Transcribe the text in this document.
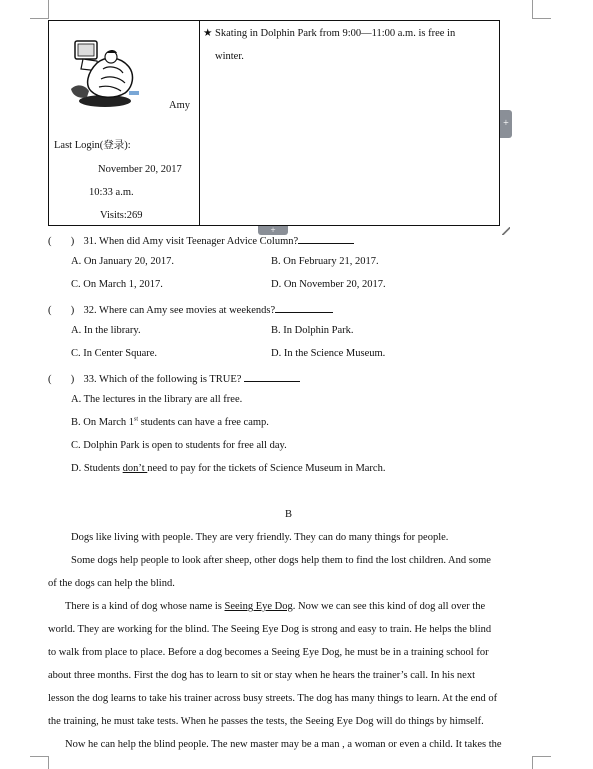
Amy
Last Login(登录):
November 20, 2017
10:33 a.m.
Visits:269
★ Skating in Dolphin Park from 9:00—11:00 a.m. is free in
winter.
+
+
( ) 31. When did Amy visit Teenager Advice Column?
A. On January 20, 2017.	B. On February 21, 2017.
C. On March 1, 2017.	D. On November 20, 2017.
( ) 32. Where can Amy see movies at weekends?
A. In the library.	B. In Dolphin Park.
C. In Center Square.	D. In the Science Museum.
( ) 33. Which of the following is TRUE?
A. The lectures in the library are all free.
B. On March 1st students can have a free camp.
C. Dolphin Park is open to students for free all day.
D. Students don’t need to pay for the tickets of Science Museum in March.
B
Dogs like living with people. They are very friendly. They can do many things for people.
Some dogs help people to look after sheep, other dogs help them to find the lost children. And some
of the dogs can help the blind.
There is a kind of dog whose name is Seeing Eye Dog. Now we can see this kind of dog all over the
world. They are working for the blind. The Seeing Eye Dog is strong and easy to train. He helps the blind
to walk from place to place. Before a dog becomes a Seeing Eye Dog, he must be in a training school for
about three months. First the dog has to learn to sit or stay when he hears the trainer’s call. In his next
lesson the dog learns to take his trainer across busy streets. The dog has many things to learn. At the end of
the training, he must take tests. When he passes the tests, the Seeing Eye Dog will do things by himself.
Now he can help the blind people. The new master may be a man , a woman or even a child. It takes the
